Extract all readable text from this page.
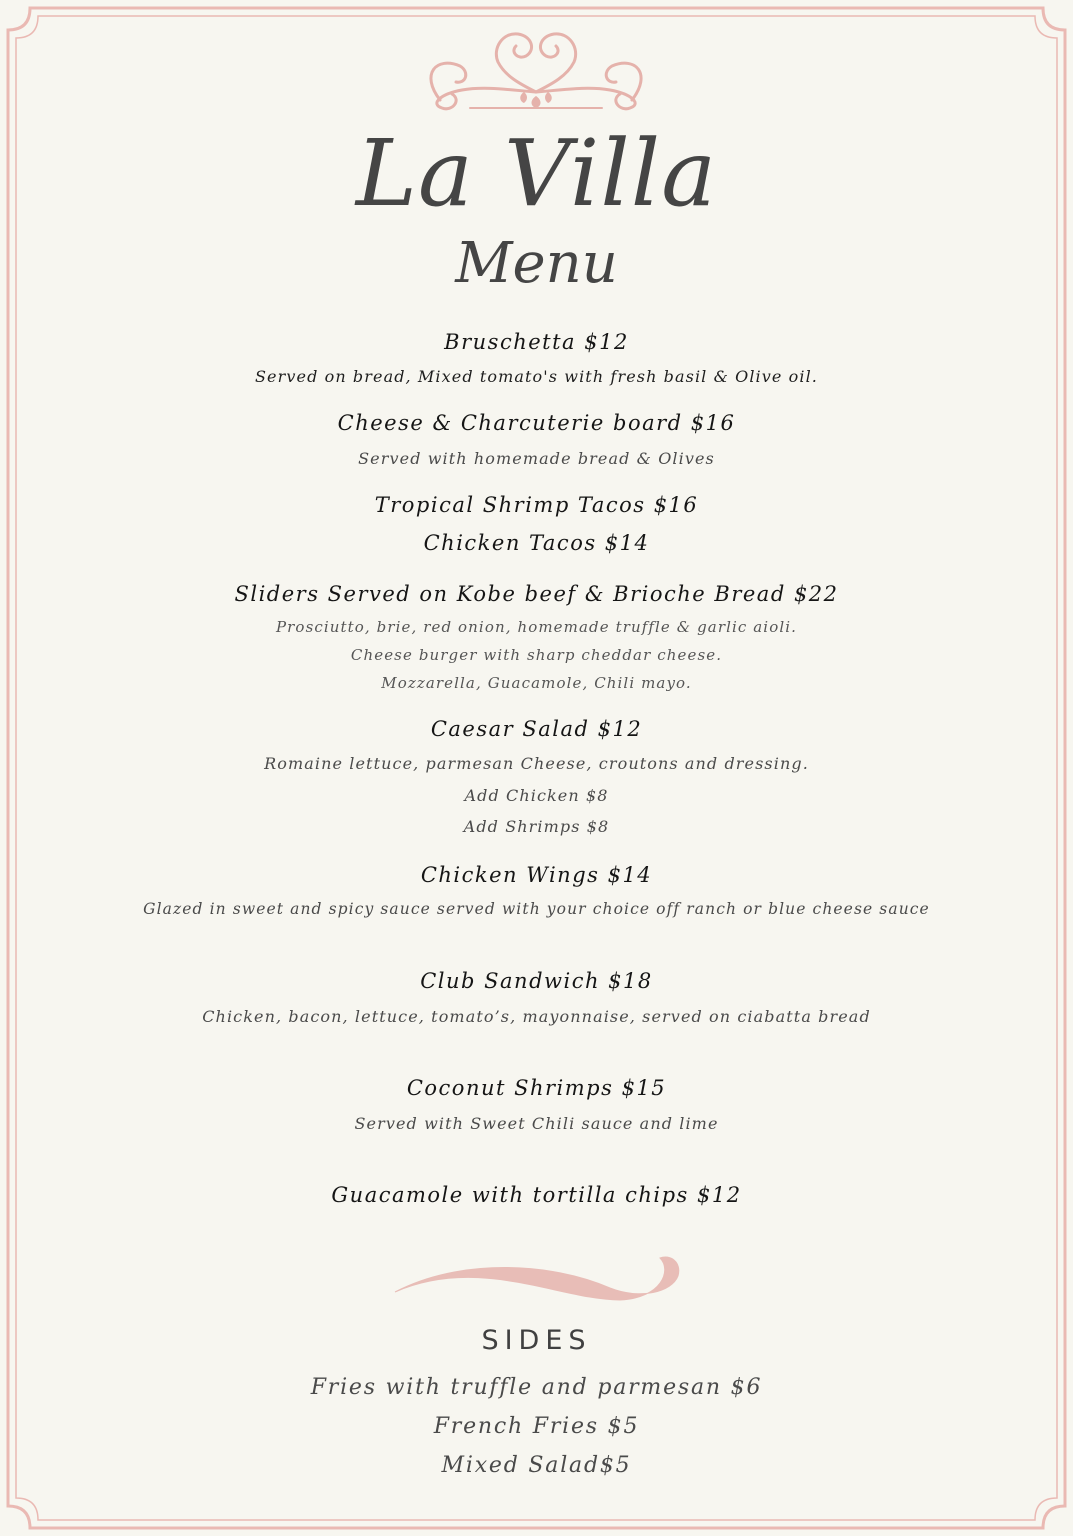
La Villa
Menu
Bruschetta $12
Served on bread, Mixed tomato's with fresh basil & Olive oil.
Cheese & Charcuterie board $16
Served with homemade bread & Olives
Tropical Shrimp Tacos $16
Chicken Tacos $14
Sliders Served on Kobe beef & Brioche Bread $22
Prosciutto, brie, red onion, homemade truffle & garlic aioli.
Cheese burger with sharp cheddar cheese.
Mozzarella, Guacamole, Chili mayo.
Caesar Salad $12
Romaine lettuce, parmesan Cheese, croutons and dressing.
Add Chicken $8
Add Shrimps $8
Chicken Wings $14
Glazed in sweet and spicy sauce served with your choice off ranch or blue cheese sauce
Club Sandwich $18
Chicken, bacon, lettuce, tomato’s, mayonnaise, served on ciabatta bread
Coconut Shrimps $15
Served with Sweet Chili sauce and lime
Guacamole with tortilla chips $12
SIDES
Fries with truffle and parmesan $6
French Fries $5
Mixed Salad$5
